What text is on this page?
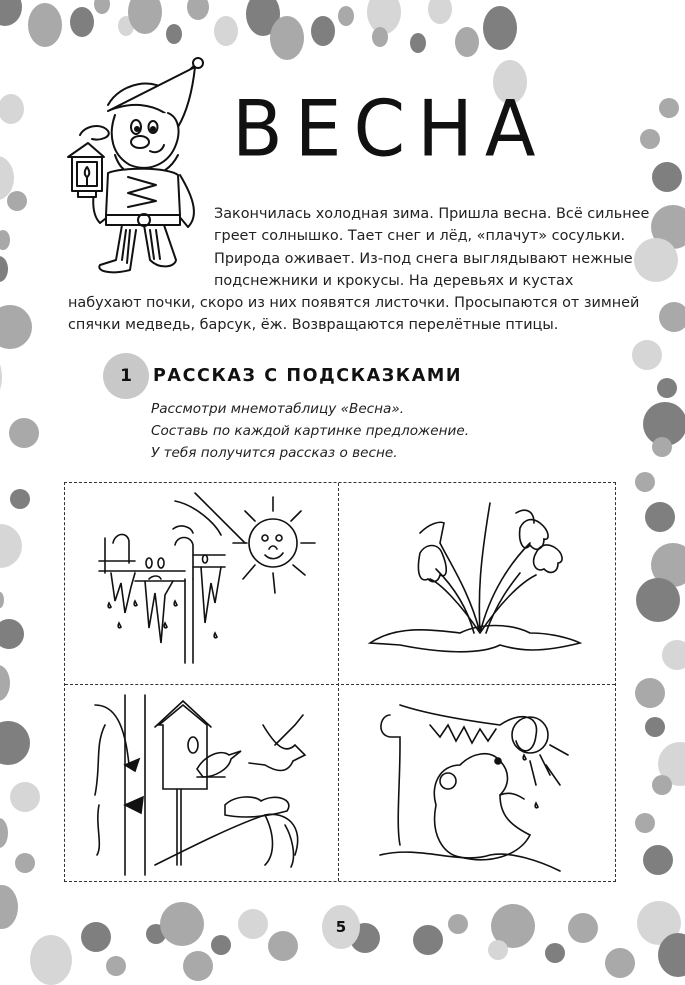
ВЕСНА

Закончилась холодная зима. Пришла весна. Всё сильнее

греет солнышко. Тает снег и лёд, «плачут» сосульки.

Природа оживает. Из-под снега выглядывают нежные

подснежники и крокусы. На деревьях и кустах

набухают почки, скоро из них появятся листочки. Просыпаются от зимней

спячки медведь, барсук, ёж. Возвращаются перелётные птицы.

1	РАССКАЗ С ПОДСКАЗКАМИ

Рассмотри мнемотаблицу «Весна».

Составь по каждой картинке предложение.

У тебя получится рассказ о весне.

5
